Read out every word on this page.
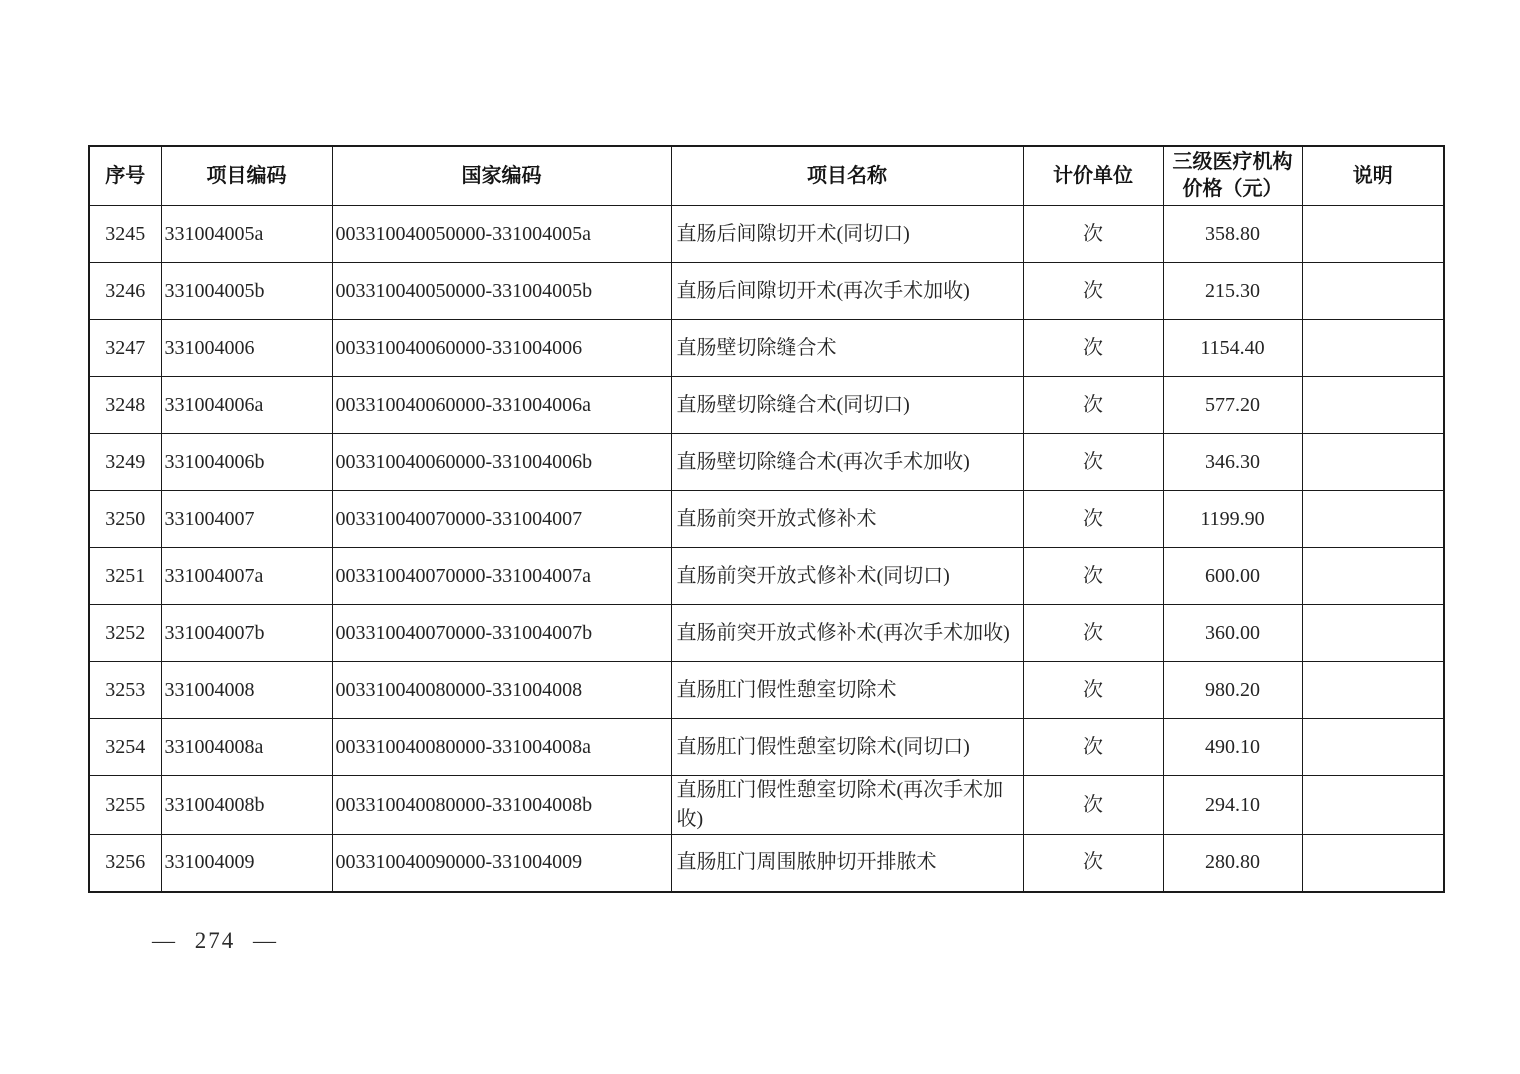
序号	项目编码	国家编码	项目名称	计价单位	三级医疗机构价格（元）	说明
3245	331004005a	003310040050000-331004005a	直肠后间隙切开术(同切口)	次	358.80	
3246	331004005b	003310040050000-331004005b	直肠后间隙切开术(再次手术加收)	次	215.30	
3247	331004006	003310040060000-331004006	直肠壁切除缝合术	次	1154.40	
3248	331004006a	003310040060000-331004006a	直肠壁切除缝合术(同切口)	次	577.20	
3249	331004006b	003310040060000-331004006b	直肠壁切除缝合术(再次手术加收)	次	346.30	
3250	331004007	003310040070000-331004007	直肠前突开放式修补术	次	1199.90	
3251	331004007a	003310040070000-331004007a	直肠前突开放式修补术(同切口)	次	600.00	
3252	331004007b	003310040070000-331004007b	直肠前突开放式修补术(再次手术加收)	次	360.00	
3253	331004008	003310040080000-331004008	直肠肛门假性憩室切除术	次	980.20	
3254	331004008a	003310040080000-331004008a	直肠肛门假性憩室切除术(同切口)	次	490.10	
3255	331004008b	003310040080000-331004008b	直肠肛门假性憩室切除术(再次手术加收)	次	294.10	
3256	331004009	003310040090000-331004009	直肠肛门周围脓肿切开排脓术	次	280.80	
— 274 —
